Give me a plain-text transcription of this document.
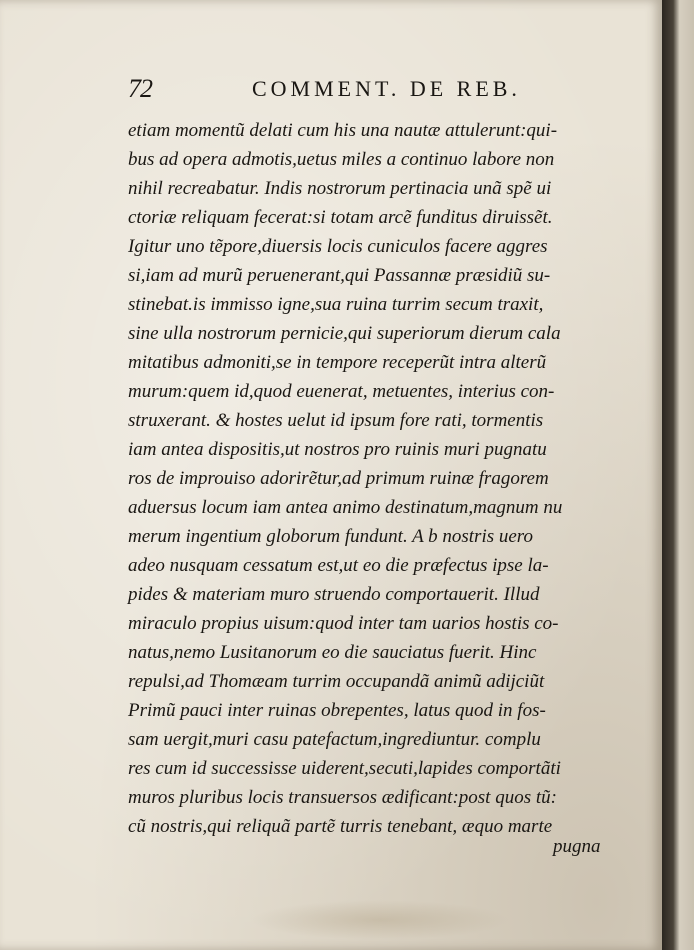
72	COMMENT. DE REB.
etiam momentũ delati cum his una nautæ attulerunt:qui-
bus ad opera admotis,uetus miles a continuo labore non
nihil recreabatur. Indis nostrorum pertinacia unã spẽ ui
ctoriæ reliquam fecerat:si totam arcẽ funditus diruissẽt.
Igitur uno tẽpore,diuersis locis cuniculos facere aggres
si,iam ad murũ peruenerant,qui Passannæ præsidiũ su-
stinebat.is immisso igne,sua ruina turrim secum traxit,
sine ulla nostrorum pernicie,qui superiorum dierum cala
mitatibus admoniti,se in tempore receperũt intra alterũ
murum:quem id,quod euenerat, metuentes, interius con-
struxerant. & hostes uelut id ipsum fore rati, tormentis
iam antea dispositis,ut nostros pro ruinis muri pugnatu
ros de improuiso adorirẽtur,ad primum ruinæ fragorem
aduersus locum iam antea animo destinatum,magnum nu
merum ingentium globorum fundunt. A b nostris uero
adeo nusquam cessatum est,ut eo die præfectus ipse la-
pides & materiam muro struendo comportauerit. Illud
miraculo propius uisum:quod inter tam uarios hostis co-
natus,nemo Lusitanorum eo die sauciatus fuerit. Hinc
repulsi,ad Thomæam turrim occupandã animũ adijciũt
Primũ pauci inter ruinas obrepentes, latus quod in fos-
sam uergit,muri casu patefactum,ingrediuntur. complu
res cum id successisse uiderent,secuti,lapides comportãti
muros pluribus locis transuersos ædificant:post quos tũ:
cũ nostris,qui reliquã partẽ turris tenebant, æquo marte
pugna
